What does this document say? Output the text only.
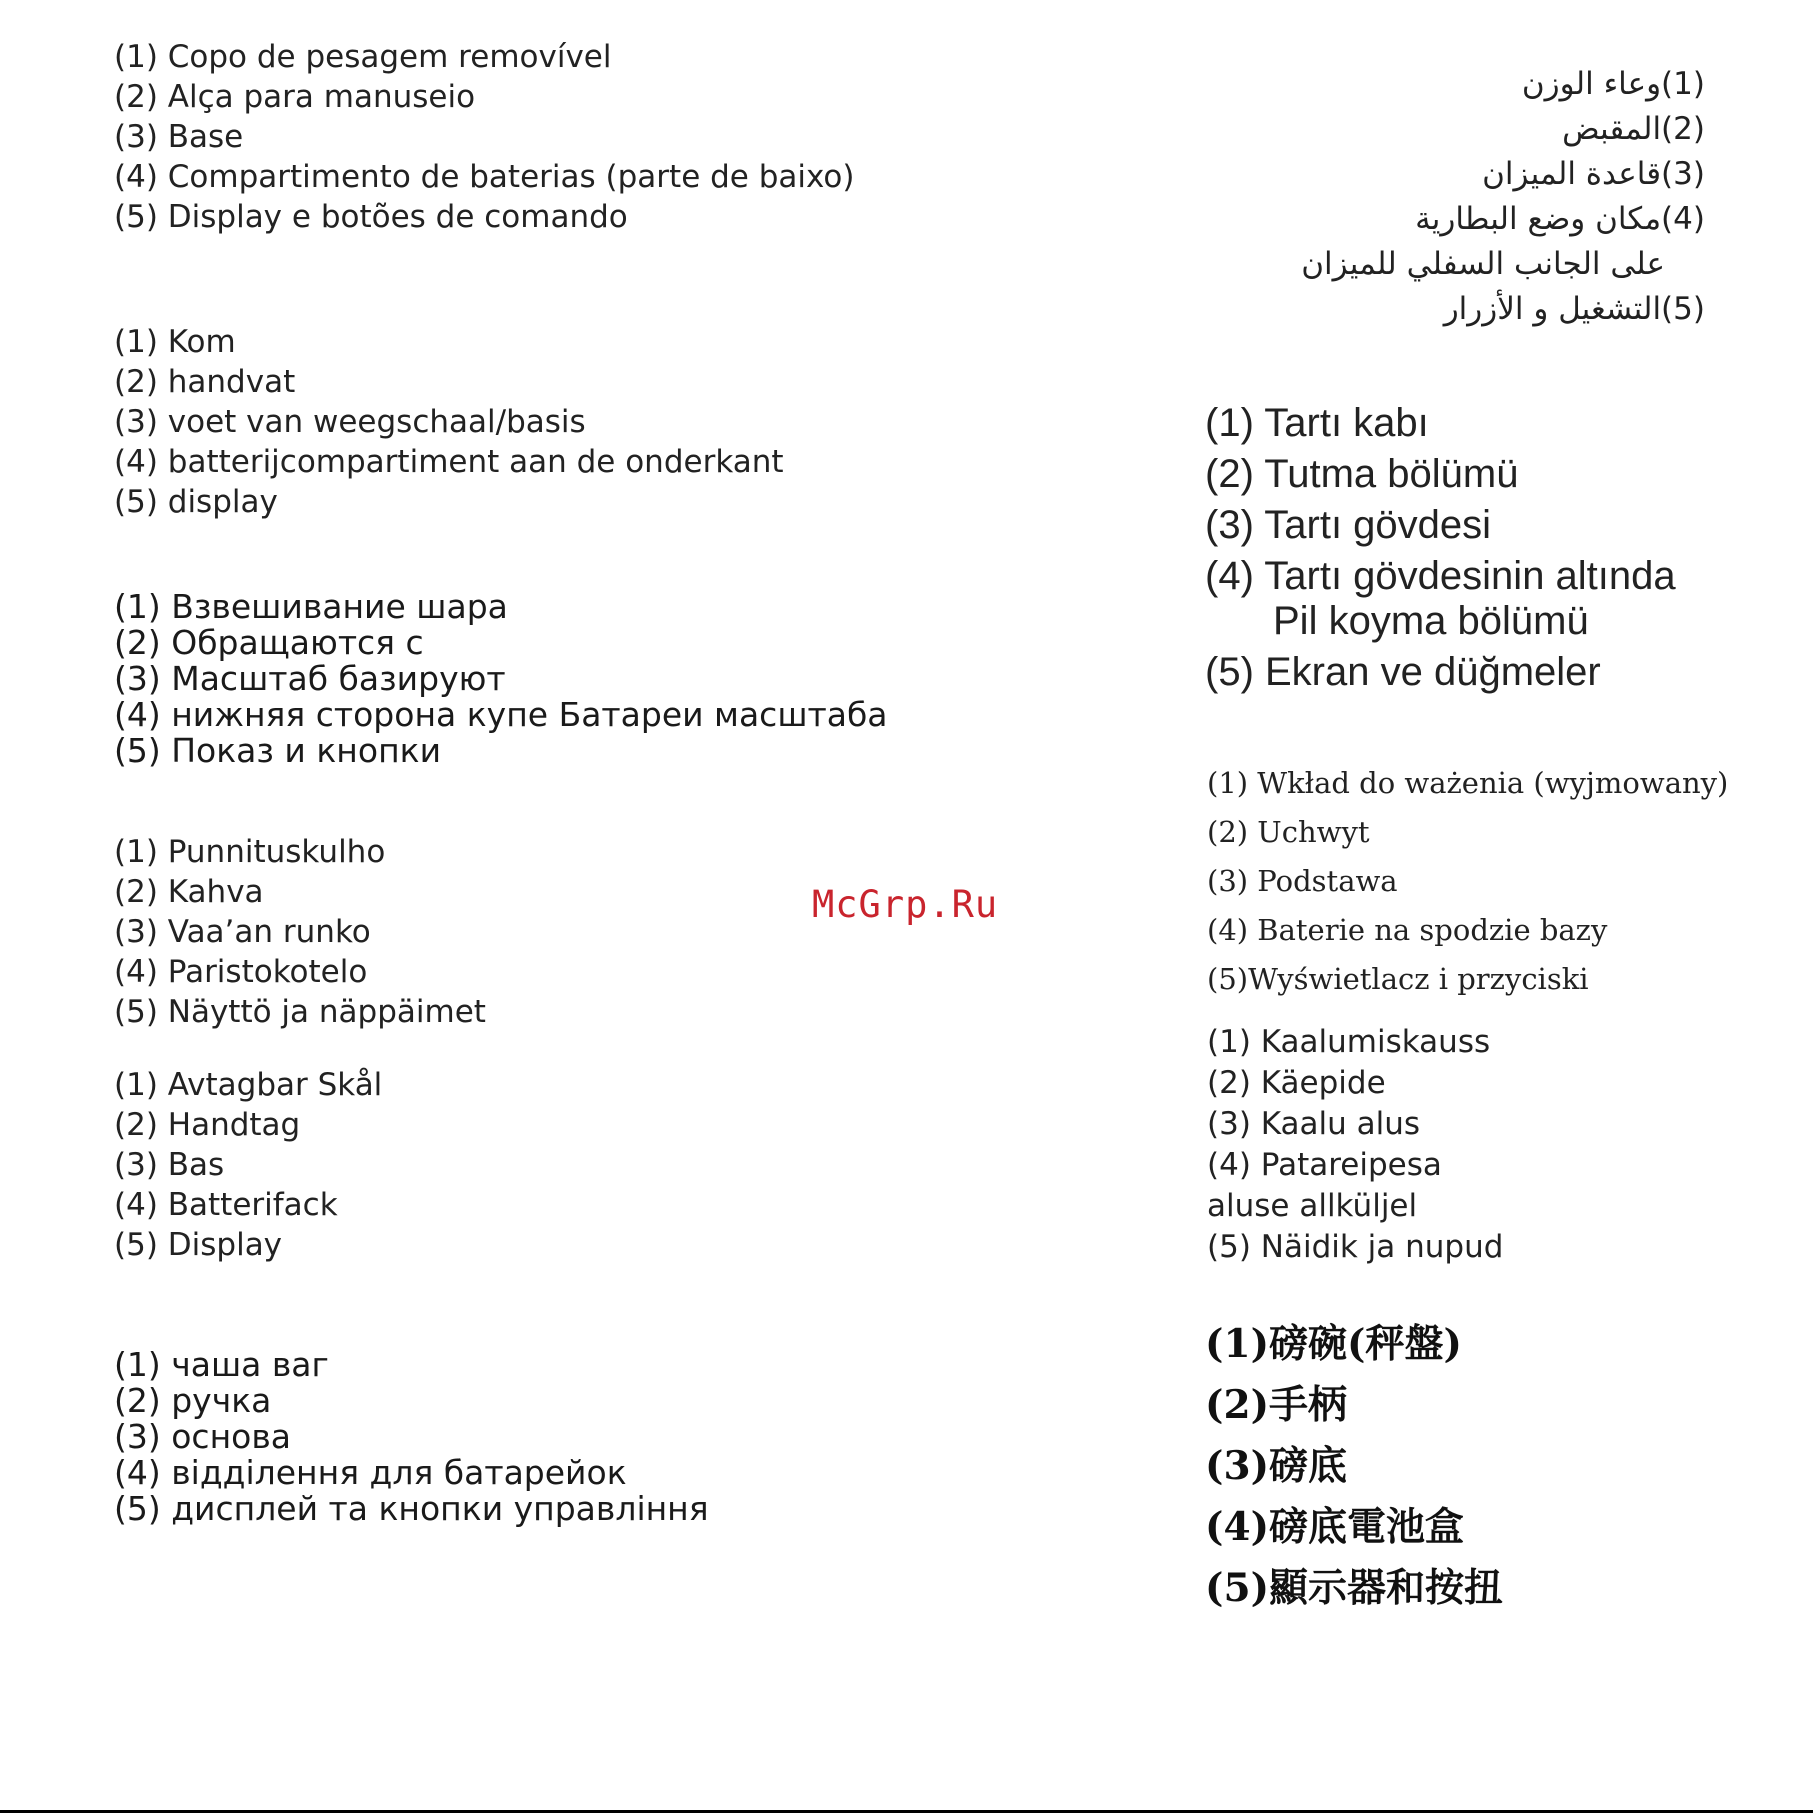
(1) Copo de pesagem removível
(2) Alça para manuseio
(3) Base
(4) Compartimento de baterias (parte de baixo)
(5) Display e botões de comando
(1) Kom
(2) handvat
(3) voet van weegschaal/basis
(4) batterijcompartiment aan de onderkant
(5) display
(1) Взвешивание шара
(2) Обращаются с
(3) Масштаб базируют
(4) нижняя сторона купе Батареи масштаба
(5) Показ и кнопки
(1) Punnituskulho
(2) Kahva
(3) Vaa’an runko
(4) Paristokotelo
(5) Näyttö ja näppäimet
(1) Avtagbar Skål
(2) Handtag
(3) Bas
(4) Batterifack
(5) Display
(1) чаша ваг
(2) ручка
(3) основа
(4) відділення для батарейок
(5) дисплей та кнопки управління
(1)وعاء الوزن
(2)المقبض
(3)قاعدة الميزان
(4)مكان وضع البطارية
على الجانب السفلي للميزان
(5)التشغيل و الأزرار
(1) Tartı kabı
(2) Tutma bölümü
(3) Tartı gövdesi
(4) Tartı gövdesinin altında
Pil koyma bölümü
(5) Ekran ve düğmeler
(1) Wkład do ważenia (wyjmowany)
(2) Uchwyt
(3) Podstawa
(4) Baterie na spodzie bazy
(5)Wyświetlacz i przyciski
(1) Kaalumiskauss
(2) Käepide
(3) Kaalu alus
(4) Patareipesa
aluse allküljel
(5) Näidik ja nupud
(1)磅碗(秤盤)
(2)手柄
(3)磅底
(4)磅底電池盒
(5)顯示器和按扭
McGrp.Ru
